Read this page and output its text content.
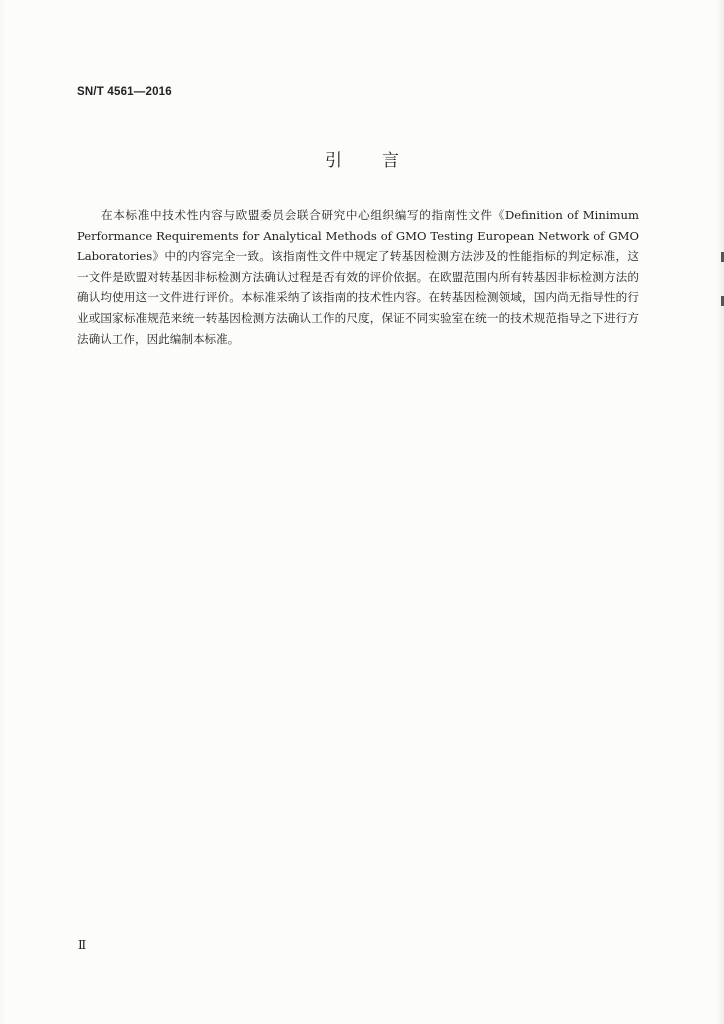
SN/T 4561—2016
引言

在本标准中技术性内容与欧盟委员会联合研究中心组织编写的指南性文件《Definition of Minimum Performance Requirements for Analytical Methods of GMO Testing European Network of GMO Laboratories》中的内容完全一致。该指南性文件中规定了转基因检测方法涉及的性能指标的判定标准，这一文件是欧盟对转基因非标检测方法确认过程是否有效的评价依据。在欧盟范围内所有转基因非标检测方法的确认均使用这一文件进行评价。本标准采纳了该指南的技术性内容。在转基因检测领域，国内尚无指导性的行业或国家标准规范来统一转基因检测方法确认工作的尺度，保证不同实验室在统一的技术规范指导之下进行方法确认工作，因此编制本标准。

Ⅱ
